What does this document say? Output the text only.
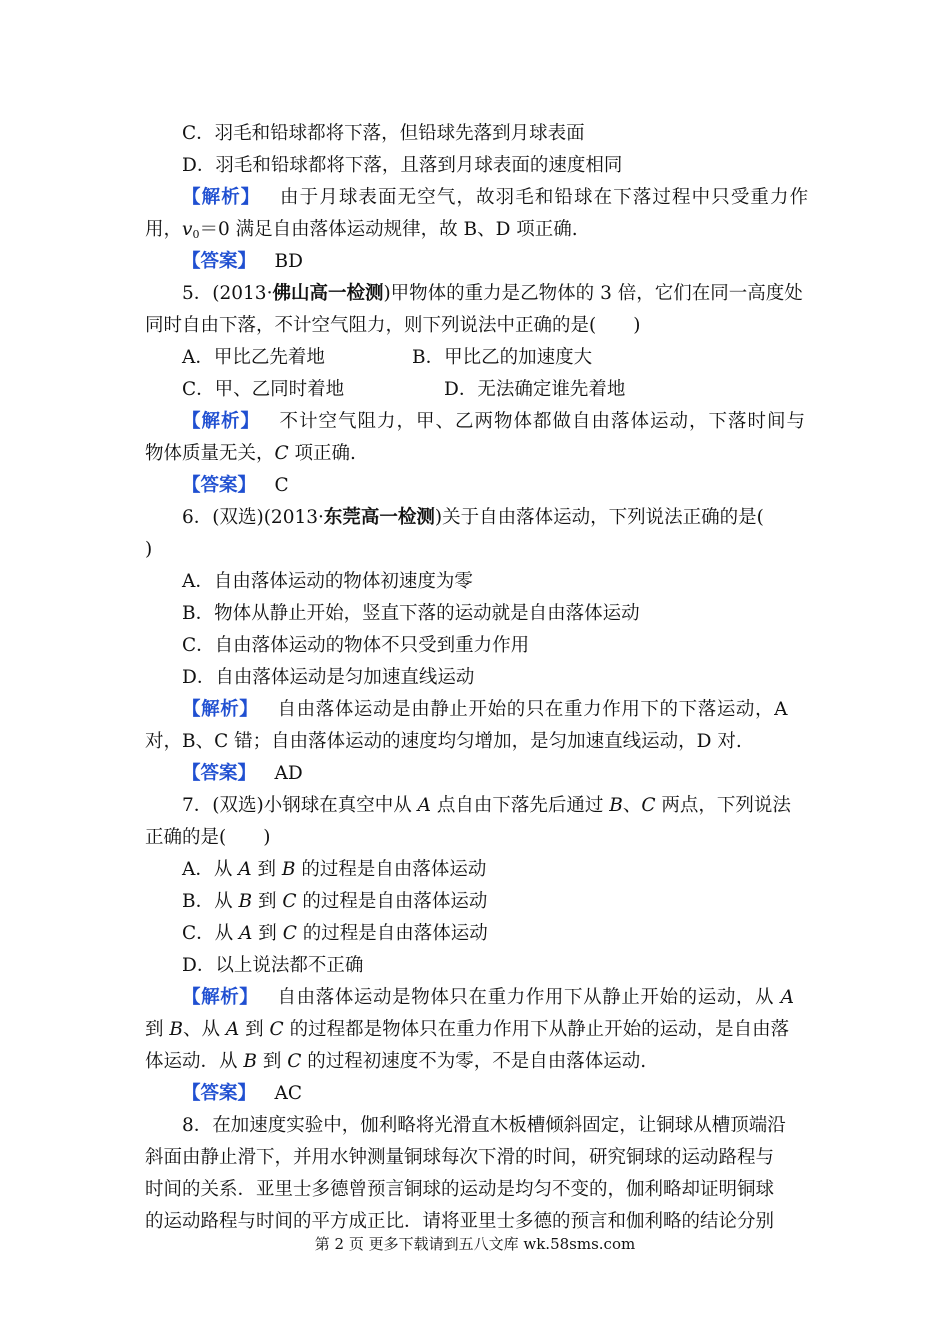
C．羽毛和铅球都将下落，但铅球先落到月球表面
D．羽毛和铅球都将下落，且落到月球表面的速度相同
【解析】  由于月球表面无空气，故羽毛和铅球在下落过程中只受重力作
用，$v_0=0$ 满足自由落体运动规律，故 B、D 项正确.
【答案】  BD
5．(2013·佛山高一检测)甲物体的重力是乙物体的 3 倍，它们在同一高度处
同时自由下落，不计空气阻力，则下列说法中正确的是(　　)
A．甲比乙先着地	B．甲比乙的加速度大
C．甲、乙同时着地	D．无法确定谁先着地
【解析】  不计空气阻力，甲、乙两物体都做自由落体运动，下落时间与
物体质量无关，C 项正确.
【答案】  C
6．(双选)(2013·东莞高一检测)关于自由落体运动，下列说法正确的是(
)
A．自由落体运动的物体初速度为零
B．物体从静止开始，竖直下落的运动就是自由落体运动
C．自由落体运动的物体不只受到重力作用
D．自由落体运动是匀加速直线运动
【解析】  自由落体运动是由静止开始的只在重力作用下的下落运动，A
对，B、C 错；自由落体运动的速度均匀增加，是匀加速直线运动，D 对.
【答案】  AD
7．(双选)小钢球在真空中从 A 点自由下落先后通过 B、C 两点，下列说法
正确的是(　　)
A．从 A 到 B 的过程是自由落体运动
B．从 B 到 C 的过程是自由落体运动
C．从 A 到 C 的过程是自由落体运动
D．以上说法都不正确
【解析】  自由落体运动是物体只在重力作用下从静止开始的运动，从 A
到 B、从 A 到 C 的过程都是物体只在重力作用下从静止开始的运动，是自由落
体运动．从 B 到 C 的过程初速度不为零，不是自由落体运动.
【答案】  AC
8．在加速度实验中，伽利略将光滑直木板槽倾斜固定，让铜球从槽顶端沿
斜面由静止滑下，并用水钟测量铜球每次下滑的时间，研究铜球的运动路程与
时间的关系．亚里士多德曾预言铜球的运动是均匀不变的，伽利略却证明铜球
的运动路程与时间的平方成正比．请将亚里士多德的预言和伽利略的结论分别
第 2 页 更多下载请到五八文库 wk.58sms.com
